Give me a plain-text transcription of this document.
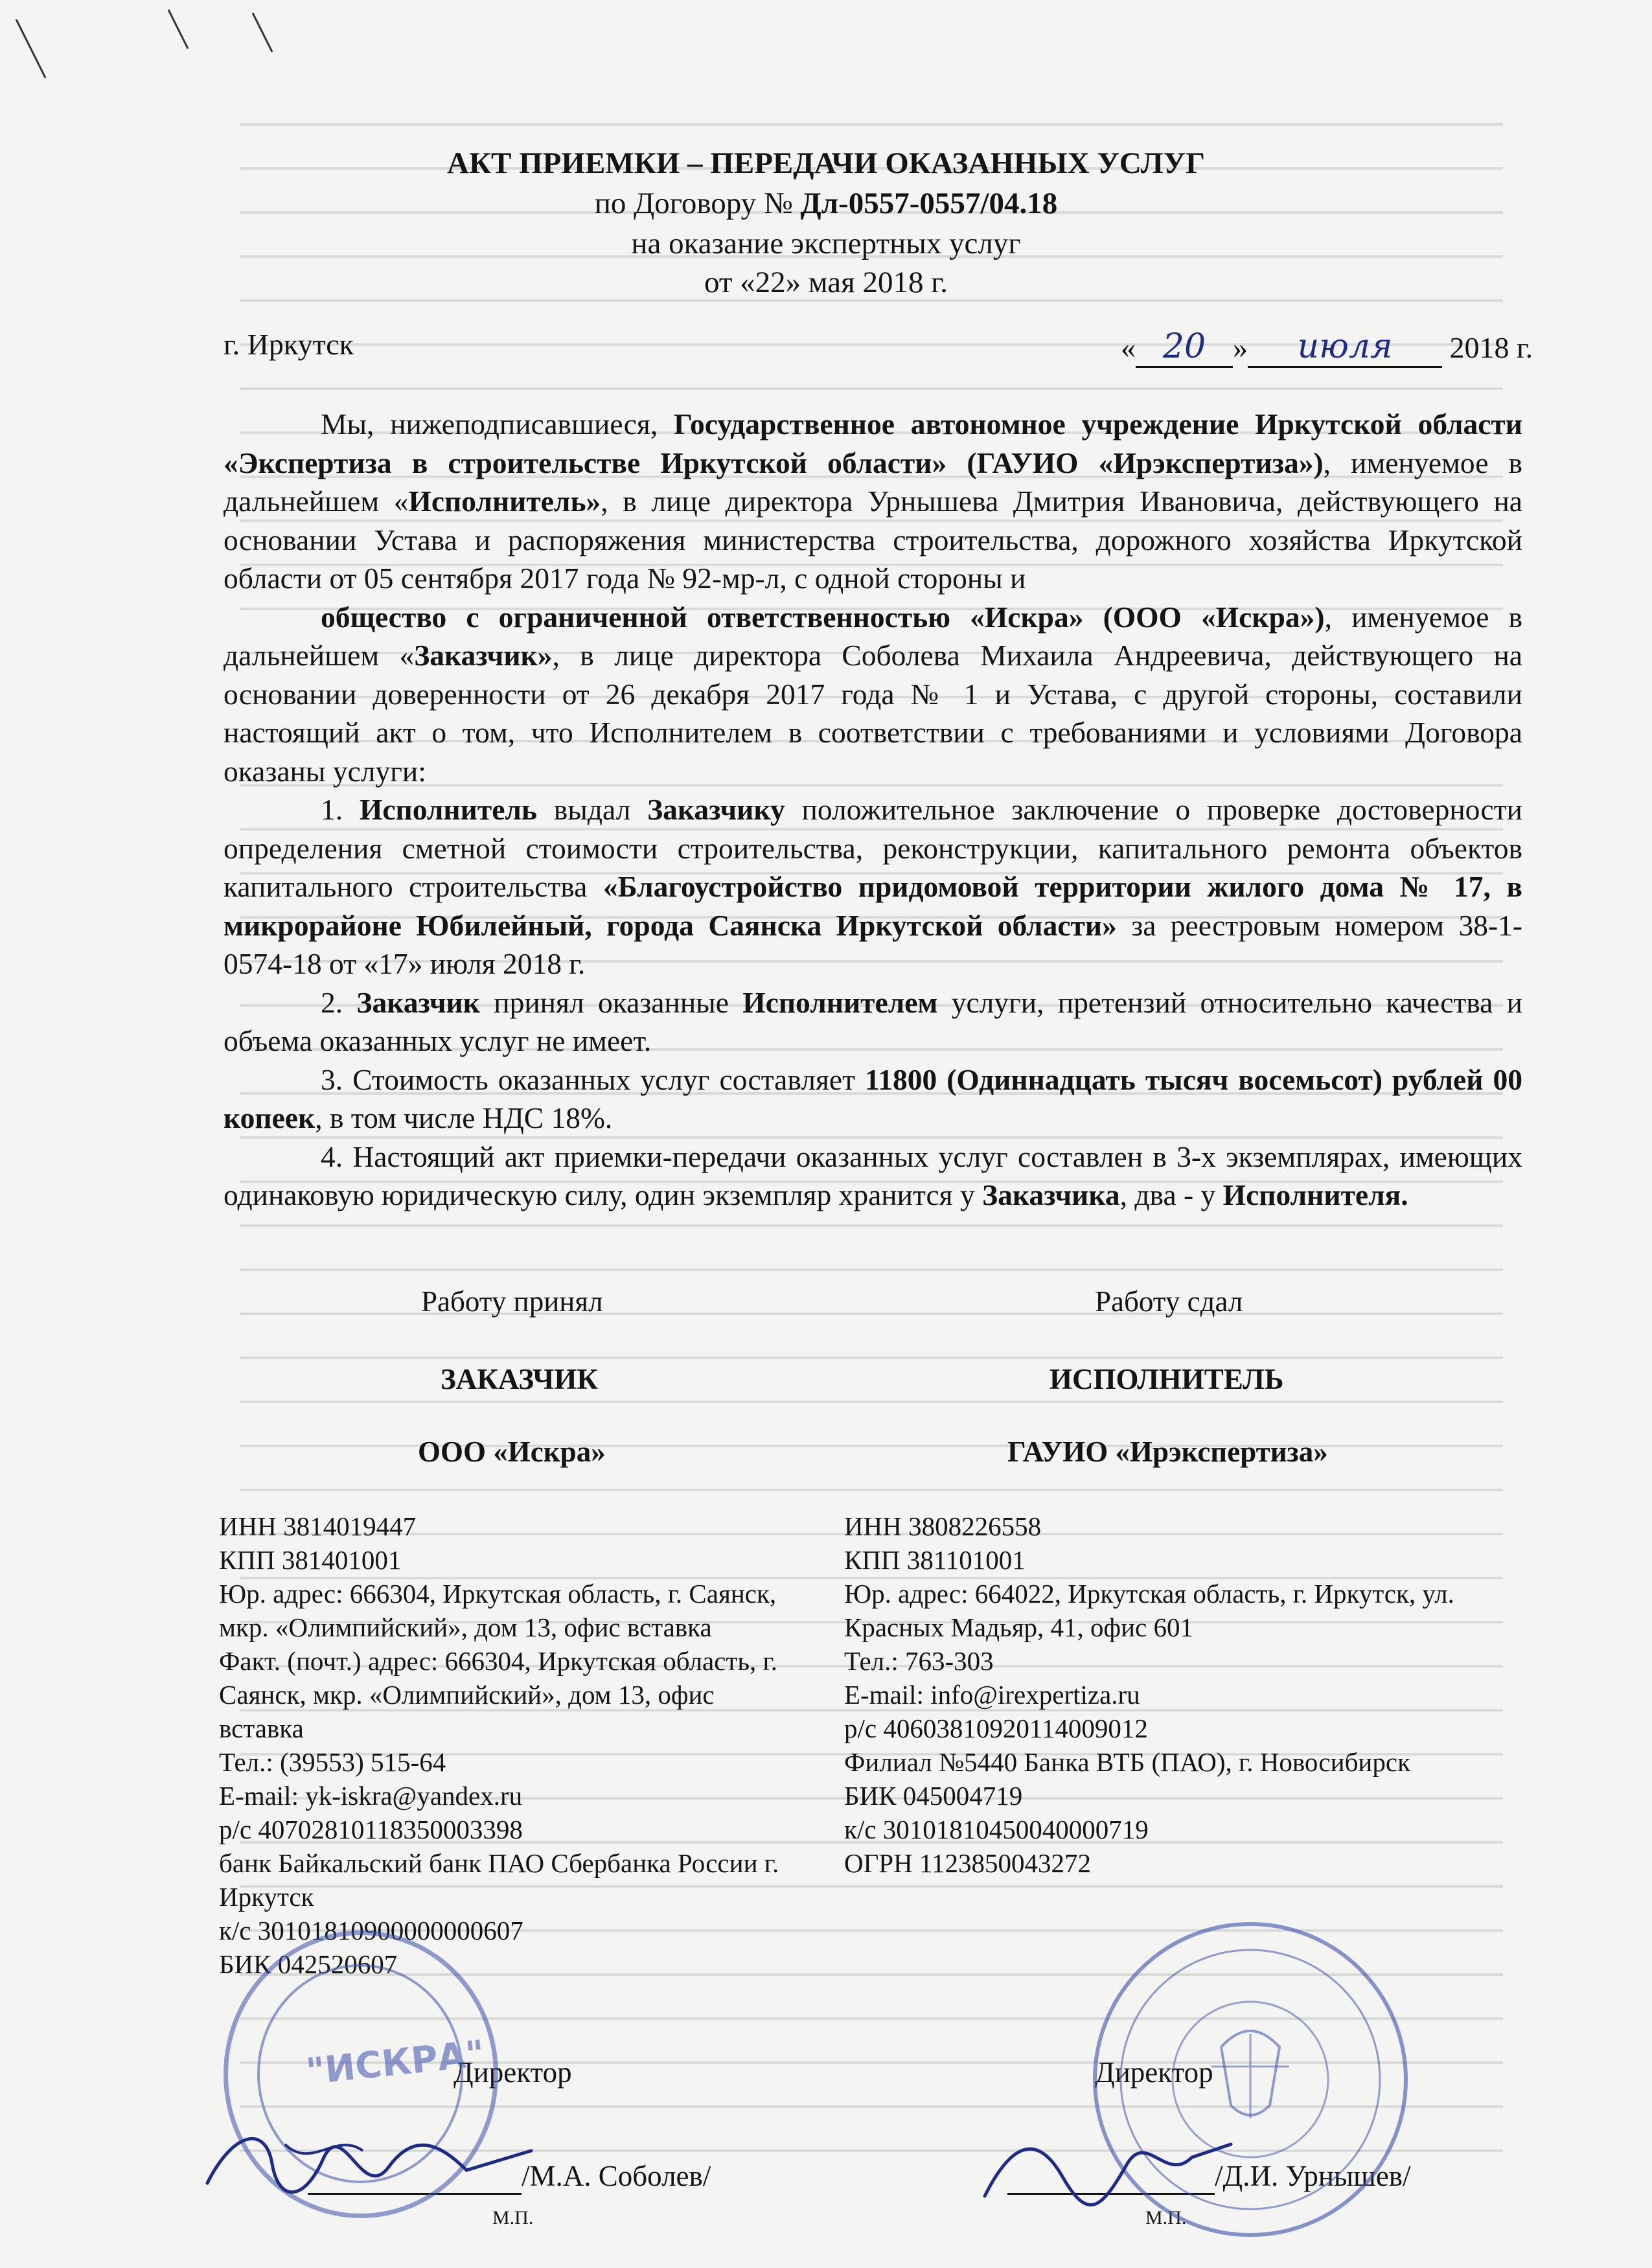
АКТ ПРИЕМКИ – ПЕРЕДАЧИ ОКАЗАННЫХ УСЛУГ
по Договору № Дл-0557-0557/04.18
на оказание экспертных услуг
от «22» мая 2018 г.
г. Иркутск	« 20 » июля 2018 г.

Мы, нижеподписавшиеся, Государственное автономное учреждение Иркутской области «Экспертиза в строительстве Иркутской области» (ГАУИО «Ирэкспертиза»), именуемое в дальнейшем «Исполнитель», в лице директора Урнышева Дмитрия Ивановича, действующего на основании Устава и распоряжения министерства строительства, дорожного хозяйства Иркутской области от 05 сентября 2017 года № 92-мр-л, с одной стороны и

общество с ограниченной ответственностью «Искра» (ООО «Искра»), именуемое в дальнейшем «Заказчик», в лице директора Соболева Михаила Андреевича, действующего на основании доверенности от 26 декабря 2017 года № 1 и Устава, с другой стороны, составили настоящий акт о том, что Исполнителем в соответствии с требованиями и условиями Договора оказаны услуги:

1. Исполнитель выдал Заказчику положительное заключение о проверке достоверности определения сметной стоимости строительства, реконструкции, капитального ремонта объектов капитального строительства «Благоустройство придомовой территории жилого дома № 17, в микрорайоне Юбилейный, города Саянска Иркутской области» за реестровым номером 38-1-0574-18 от «17» июля 2018 г.

2. Заказчик принял оказанные Исполнителем услуги, претензий относительно качества и объема оказанных услуг не имеет.

3. Стоимость оказанных услуг составляет 11800 (Одиннадцать тысяч восемьсот) рублей 00 копеек, в том числе НДС 18%.

4. Настоящий акт приемки-передачи оказанных услуг составлен в 3-х экземплярах, имеющих одинаковую юридическую силу, один экземпляр хранится у Заказчика, два - у Исполнителя.

Работу принял	Работу сдал
ЗАКАЗЧИК	ИСПОЛНИТЕЛЬ
ООО «Искра»	ГАУИО «Ирэкспертиза»
ИНН 3814019447
КПП 381401001
Юр. адрес: 666304, Иркутская область, г. Саянск, мкр. «Олимпийский», дом 13, офис вставка
Факт. (почт.) адрес: 666304, Иркутская область, г. Саянск, мкр. «Олимпийский», дом 13, офис вставка
Тел.: (39553) 515-64
E-mail: yk-iskra@yandex.ru
р/с 40702810118350003398
банк Байкальский банк ПАО Сбербанка России г. Иркутск
к/с 30101810900000000607
БИК 042520607
ИНН 3808226558
КПП 381101001
Юр. адрес: 664022, Иркутская область, г. Иркутск, ул. Красных Мадьяр, 41, офис 601
Тел.: 763-303
E-mail: info@irexpertiza.ru
р/с 40603810920114009012
Филиал №5440 Банка ВТБ (ПАО), г. Новосибирск
БИК 045004719
к/с 30101810450040000719
ОГРН 1123850043272
Директор	Директор
/М.А. Соболев/	/Д.И. Урнышев/
М.П.	М.П.
"ИСКРА"
